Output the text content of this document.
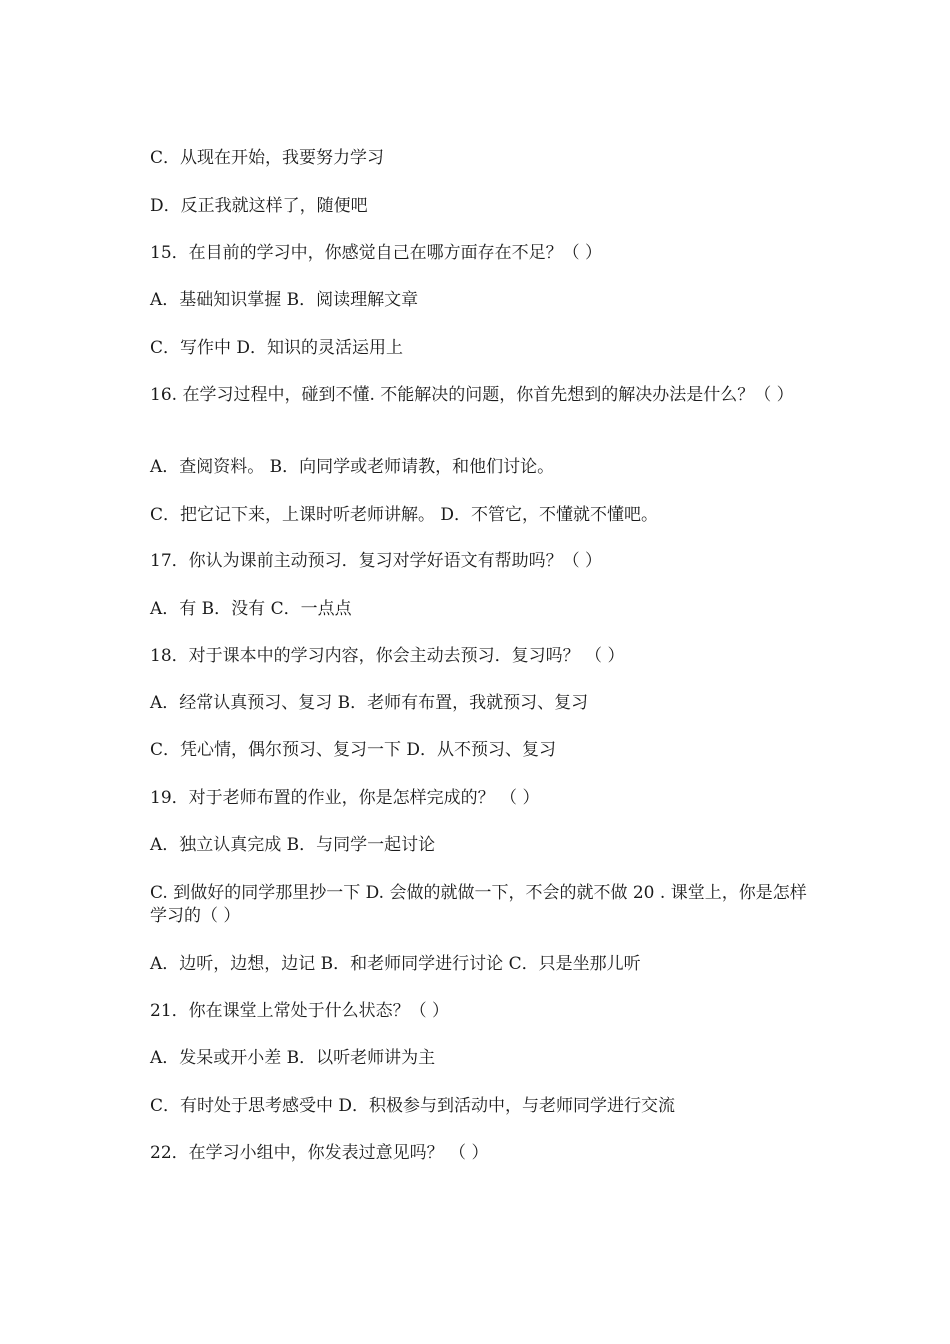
C．从现在开始，我要努力学习
D．反正我就这样了，随便吧
15．在目前的学习中，你感觉自己在哪方面存在不足？（ ）
A．基础知识掌握 B．阅读理解文章
C．写作中 D．知识的灵活运用上
16. 在学习过程中，碰到不懂. 不能解决的问题，你首先想到的解决办法是什么？（ ）
A．查阅资料。 B．向同学或老师请教，和他们讨论。
C．把它记下来，上课时听老师讲解。 D．不管它，不懂就不懂吧。
17．你认为课前主动预习．复习对学好语文有帮助吗？（ ）
A．有 B．没有 C．一点点
18．对于课本中的学习内容，你会主动去预习．复习吗？ （ ）
A．经常认真预习、复习 B．老师有布置，我就预习、复习
C．凭心情，偶尔预习、复习一下 D．从不预习、复习
19．对于老师布置的作业，你是怎样完成的？ （ ）
A．独立认真完成 B．与同学一起讨论
C. 到做好的同学那里抄一下 D. 会做的就做一下，不会的就不做 20 . 课堂上，你是怎样学习的（ ）
A．边听，边想，边记 B．和老师同学进行讨论 C．只是坐那儿听
21．你在课堂上常处于什么状态？（ ）
A．发呆或开小差 B．以听老师讲为主
C．有时处于思考感受中 D．积极参与到活动中，与老师同学进行交流
22．在学习小组中，你发表过意见吗？ （ ）
